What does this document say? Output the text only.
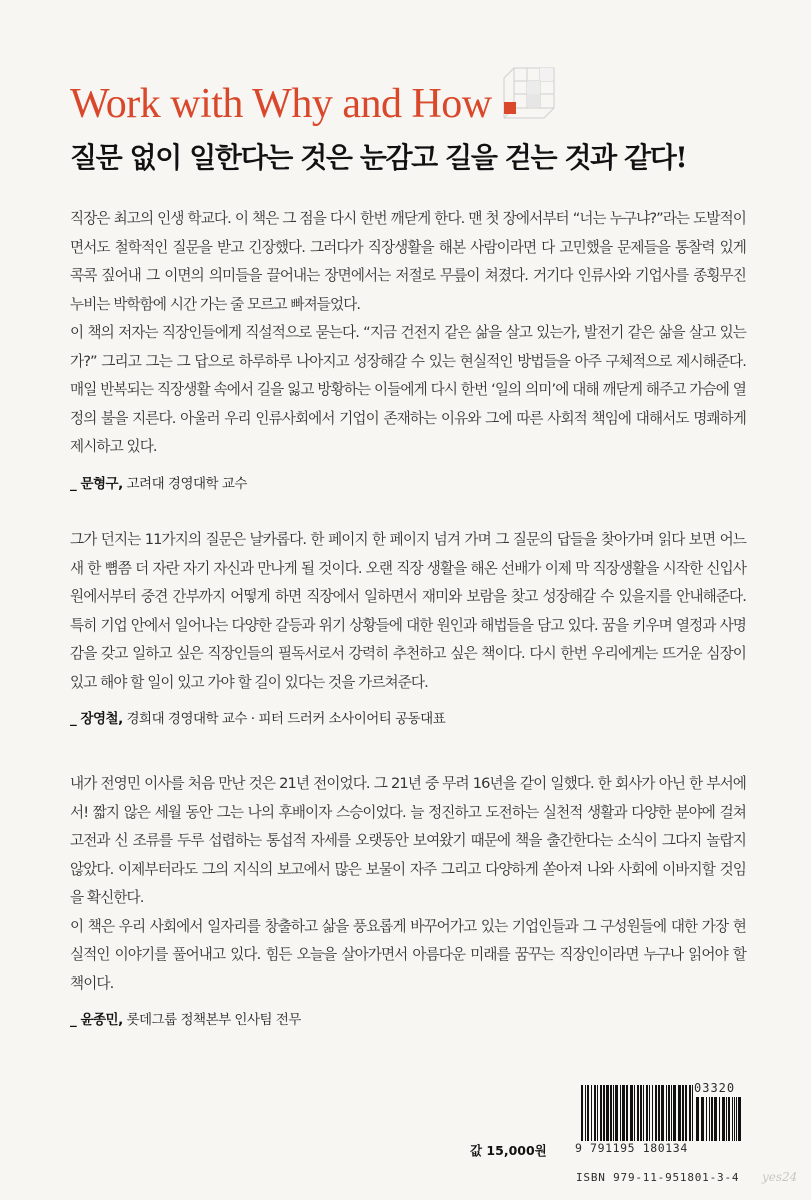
Work with Why and How
질문 없이 일한다는 것은 눈감고 길을 걷는 것과 같다!

직장은 최고의 인생 학교다. 이 책은 그 점을 다시 한번 깨닫게 한다. 맨 첫 장에서부터 “너는 누구냐?”라는 도발적이면서도 철학적인 질문을 받고 긴장했다. 그러다가 직장생활을 해본 사람이라면 다 고민했을 문제들을 통찰력 있게 콕콕 짚어내 그 이면의 의미들을 끌어내는 장면에서는 저절로 무릎이 쳐졌다. 거기다 인류사와 기업사를 종횡무진 누비는 박학함에 시간 가는 줄 모르고 빠져들었다.

이 책의 저자는 직장인들에게 직설적으로 묻는다. “지금 건전지 같은 삶을 살고 있는가, 발전기 같은 삶을 살고 있는가?” 그리고 그는 그 답으로 하루하루 나아지고 성장해갈 수 있는 현실적인 방법들을 아주 구체적으로 제시해준다. 매일 반복되는 직장생활 속에서 길을 잃고 방황하는 이들에게 다시 한번 ‘일의 의미’에 대해 깨닫게 해주고 가슴에 열정의 불을 지른다. 아울러 우리 인류사회에서 기업이 존재하는 이유와 그에 따른 사회적 책임에 대해서도 명쾌하게 제시하고 있다.

_ 문형구, 고려대 경영대학 교수

그가 던지는 11가지의 질문은 날카롭다. 한 페이지 한 페이지 넘겨 가며 그 질문의 답들을 찾아가며 읽다 보면 어느새 한 뼘쯤 더 자란 자기 자신과 만나게 될 것이다. 오랜 직장 생활을 해온 선배가 이제 막 직장생활을 시작한 신입사원에서부터 중견 간부까지 어떻게 하면 직장에서 일하면서 재미와 보람을 찾고 성장해갈 수 있을지를 안내해준다. 특히 기업 안에서 일어나는 다양한 갈등과 위기 상황들에 대한 원인과 해법들을 담고 있다. 꿈을 키우며 열정과 사명감을 갖고 일하고 싶은 직장인들의 필독서로서 강력히 추천하고 싶은 책이다. 다시 한번 우리에게는 뜨거운 심장이 있고 해야 할 일이 있고 가야 할 길이 있다는 것을 가르쳐준다.

_ 장영철, 경희대 경영대학 교수 · 피터 드러커 소사이어티 공동대표

내가 전영민 이사를 처음 만난 것은 21년 전이었다. 그 21년 중 무려 16년을 같이 일했다. 한 회사가 아닌 한 부서에서! 짧지 않은 세월 동안 그는 나의 후배이자 스승이었다. 늘 정진하고 도전하는 실천적 생활과 다양한 분야에 걸쳐 고전과 신 조류를 두루 섭렵하는 통섭적 자세를 오랫동안 보여왔기 때문에 책을 출간한다는 소식이 그다지 놀랍지 않았다. 이제부터라도 그의 지식의 보고에서 많은 보물이 자주 그리고 다양하게 쏟아져 나와 사회에 이바지할 것임을 확신한다.

이 책은 우리 사회에서 일자리를 창출하고 삶을 풍요롭게 바꾸어가고 있는 기업인들과 그 구성원들에 대한 가장 현실적인 이야기를 풀어내고 있다. 힘든 오늘을 살아가면서 아름다운 미래를 꿈꾸는 직장인이라면 누구나 읽어야 할 책이다.

_ 윤종민, 롯데그룹 정책본부 인사팀 전무
03320
9 791195 180134
값 15,000원
ISBN 979-11-951801-3-4 yes24
